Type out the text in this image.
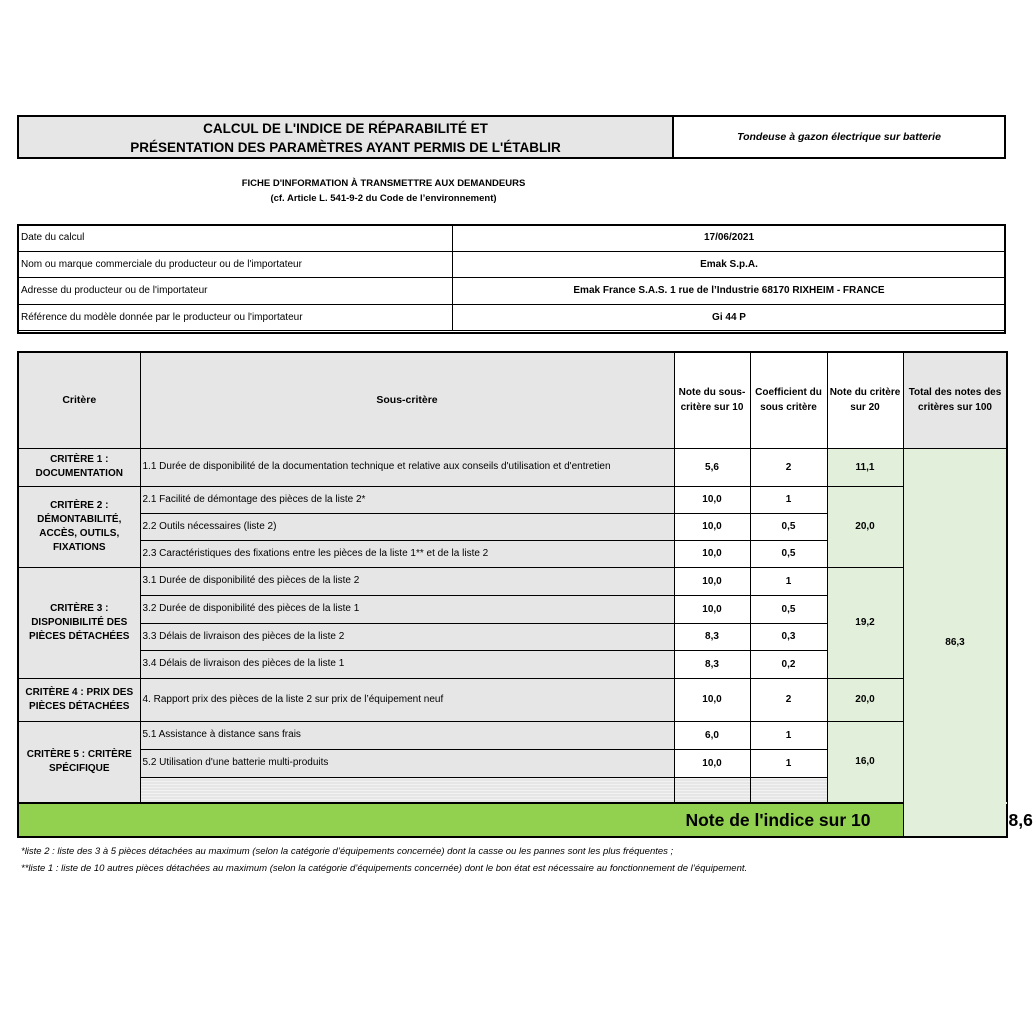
CALCUL DE L'INDICE DE RÉPARABILITÉ ET
PRÉSENTATION DES PARAMÈTRES AYANT PERMIS DE L'ÉTABLIR
Tondeuse à gazon électrique sur batterie
FICHE D'INFORMATION À TRANSMETTRE AUX DEMANDEURS
(cf. Article L. 541-9-2 du Code de l’environnement)
Date du calcul	17/06/2021
Nom ou marque commerciale du producteur ou de l'importateur	Emak S.p.A.
Adresse du producteur ou de l'importateur	Emak France S.A.S. 1 rue de l’Industrie 68170 RIXHEIM - FRANCE
Référence du modèle donnée par le producteur ou l'importateur	Gi 44 P
Critère	Sous-critère	Note du sous-critère sur 10	Coefficient du sous critère	Note du critère sur 20	Total des notes des critères sur 100	
CRITÈRE 1 : DOCUMENTATION	1.1 Durée de disponibilité de la documentation technique et relative aux conseils d'utilisation et d'entretien	5,6	2	11,1	86,3	
CRITÈRE 2 : DÉMONTABILITÉ, ACCÈS, OUTILS, FIXATIONS	2.1 Facilité de démontage des pièces de la liste 2*	10,0	1	20,0		
	2.2 Outils nécessaires (liste 2)	10,0	0,5			
	2.3 Caractéristiques des fixations entre les pièces de la liste 1** et de la liste 2	10,0	0,5			
CRITÈRE 3 : DISPONIBILITÉ DES PIÈCES DÉTACHÉES	3.1 Durée de disponibilité des pièces de la liste 2	10,0	1	19,2		
	3.2 Durée de disponibilité des pièces de la liste 1	10,0	0,5			
	3.3 Délais de livraison des pièces de la liste 2	8,3	0,3			
	3.4 Délais de livraison des pièces de la liste 1	8,3	0,2			
CRITÈRE 4 : PRIX DES PIÈCES DÉTACHÉES	4. Rapport prix des pièces de la liste 2 sur prix de l’équipement neuf	10,0	2	20,0		
CRITÈRE 5 : CRITÈRE SPÉCIFIQUE	5.1 Assistance à distance sans frais	6,0	1	16,0		
	5.2 Utilisation d'une batterie multi-produits	10,0	1			

Note de l'indice sur 10						8,6
*liste 2 : liste des 3 à 5 pièces détachées au maximum (selon la catégorie d’équipements concernée) dont la casse ou les pannes sont les plus fréquentes ;
**liste 1 : liste de 10 autres pièces détachées au maximum (selon la catégorie d’équipements concernée) dont le bon état est nécessaire au fonctionnement de l’équipement.
